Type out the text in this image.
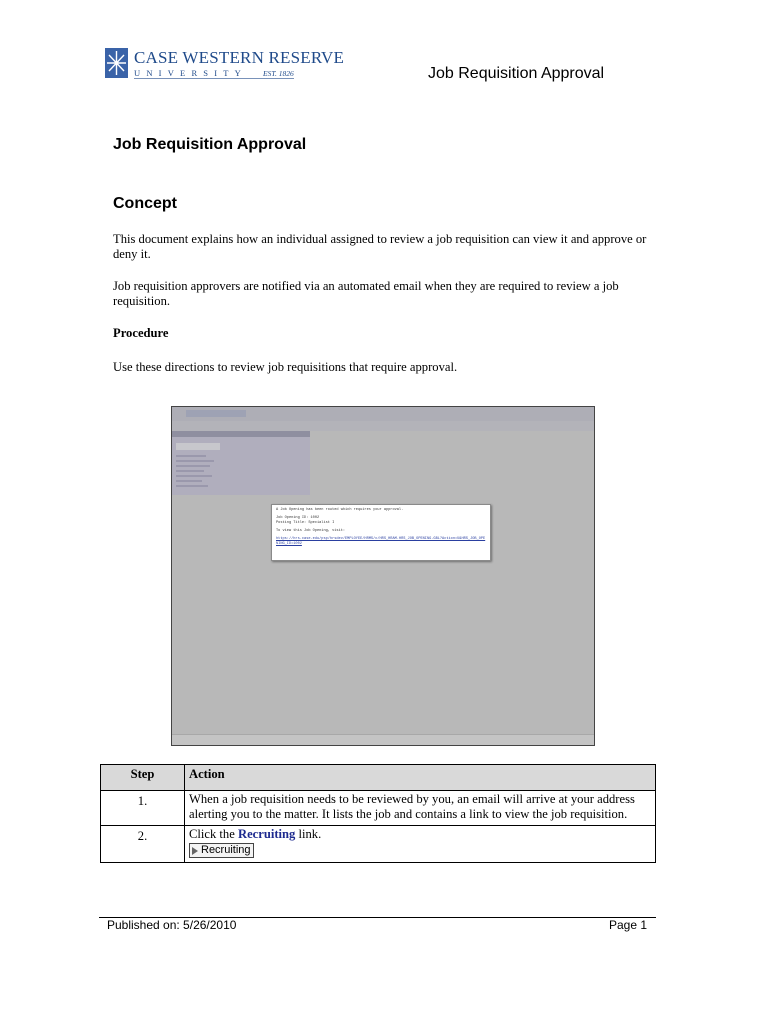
CASE WESTERN RESERVE
UNIVERSITY EST. 1826	Job Requisition Approval
Job Requisition Approval
Concept
This document explains how an individual assigned to review a job requisition can view it and approve or deny it.
Job requisition approvers are notified via an automated email when they are required to review a job requisition.
Procedure
Use these directions to review job requisitions that require approval.
A Job Opening has been routed which requires your approval.
Job Opening ID: 1002
Posting Title: Specialist I
To view this Job Opening, visit:
https://hrs.case.edu/psp/hrsdev/EMPLOYEE/HRMS/c/HRS_HRAM.HRS_JOB_OPENING.GBL?Action=U&HRS_JOB_OPENING_ID=1002
Step	Action
1.	When a job requisition needs to be reviewed by you, an email will arrive at your address alerting you to the matter. It lists the job and contains a link to view the job requisition.
2.	Click the Recruiting link.

Recruiting
Published on: 5/26/2010	Page 1
